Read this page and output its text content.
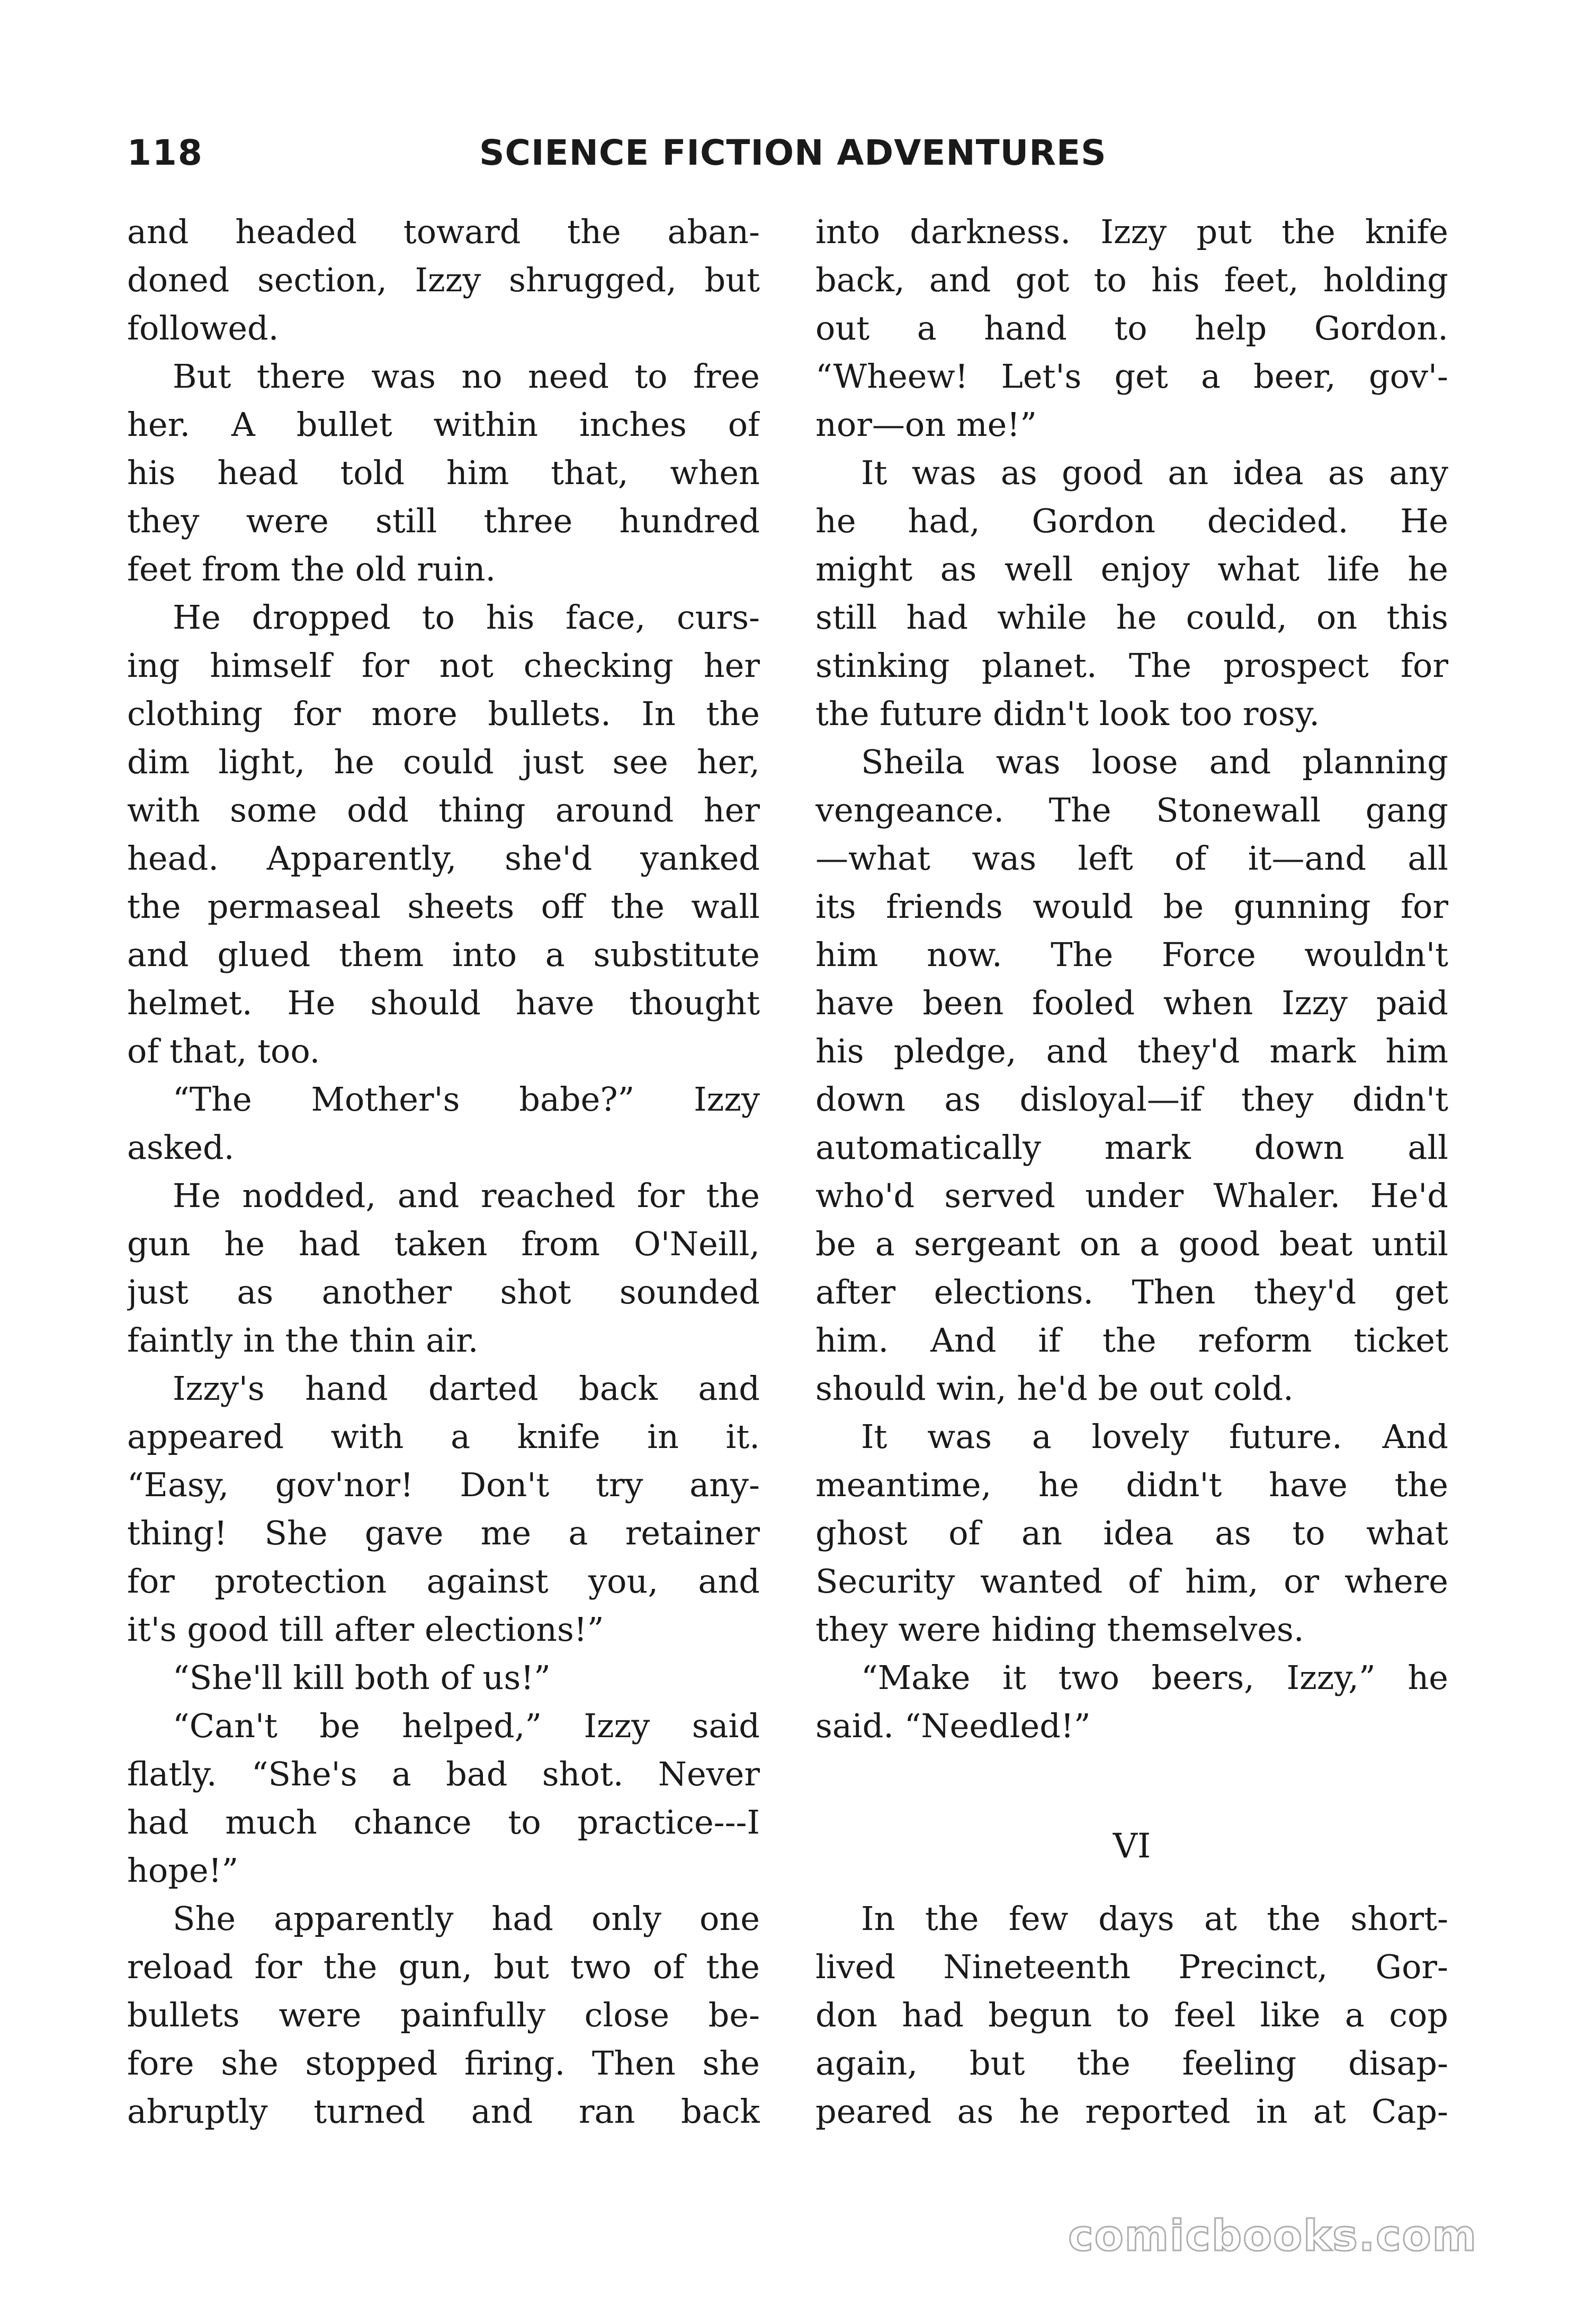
118	SCIENCE FICTION ADVENTURES
and headed toward the aban-
doned section, Izzy shrugged, but
followed.
But there was no need to free
her. A bullet within inches of
his head told him that, when
they were still three hundred
feet from the old ruin.
He dropped to his face, curs-
ing himself for not checking her
clothing for more bullets. In the
dim light, he could just see her,
with some odd thing around her
head. Apparently, she'd yanked
the permaseal sheets off the wall
and glued them into a substitute
helmet. He should have thought
of that, too.
“The Mother's babe?” Izzy
asked.
He nodded, and reached for the
gun he had taken from O'Neill,
just as another shot sounded
faintly in the thin air.
Izzy's hand darted back and
appeared with a knife in it.
“Easy, gov'nor! Don't try any-
thing! She gave me a retainer
for protection against you, and
it's good till after elections!”
“She'll kill both of us!”
“Can't be helped,” Izzy said
flatly. “She's a bad shot. Never
had much chance to practice---I
hope!”
She apparently had only one
reload for the gun, but two of the
bullets were painfully close be-
fore she stopped firing. Then she
abruptly turned and ran back
into darkness. Izzy put the knife
back, and got to his feet, holding
out a hand to help Gordon.
“Wheew! Let's get a beer, gov'-
nor—on me!”
It was as good an idea as any
he had, Gordon decided. He
might as well enjoy what life he
still had while he could, on this
stinking planet. The prospect for
the future didn't look too rosy.
Sheila was loose and planning
vengeance. The Stonewall gang
—what was left of it—and all
its friends would be gunning for
him now. The Force wouldn't
have been fooled when Izzy paid
his pledge, and they'd mark him
down as disloyal—if they didn't
automatically mark down all
who'd served under Whaler. He'd
be a sergeant on a good beat until
after elections. Then they'd get
him. And if the reform ticket
should win, he'd be out cold.
It was a lovely future. And
meantime, he didn't have the
ghost of an idea as to what
Security wanted of him, or where
they were hiding themselves.
“Make it two beers, Izzy,” he
said. “Needled!”
VI
In the few days at the short-
lived Nineteenth Precinct, Gor-
don had begun to feel like a cop
again, but the feeling disap-
peared as he reported in at Cap-
comicbooks.com
